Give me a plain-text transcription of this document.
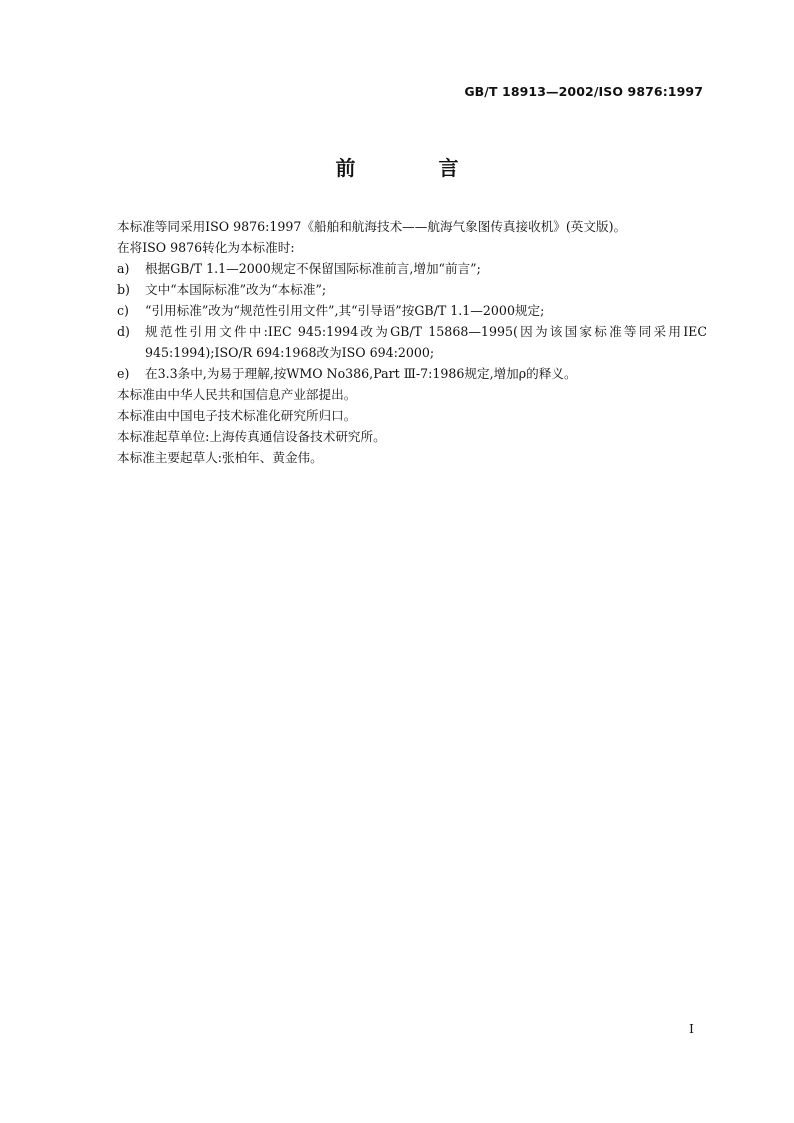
GB/T 18913—2002/ISO 9876:1997
前 言
本标准等同采用ISO 9876:1997《船舶和航海技术——航海气象图传真接收机》(英文版)。
在将ISO 9876转化为本标准时:
a)	根据GB/T 1.1—2000规定不保留国际标准前言,增加“前言”;
b)	文中“本国际标准”改为“本标准”;
c)	“引用标准”改为“规范性引用文件”,其“引导语”按GB/T 1.1—2000规定;
d)	规范性引用文件中:IEC 945:1994改为GB/T 15868—1995(因为该国家标准等同采用IEC 945:1994);ISO/R 694:1968改为ISO 694:2000;
e)	在3.3条中,为易于理解,按WMO No386,Part Ⅲ-7:1986规定,增加ρ的释义。
本标准由中华人民共和国信息产业部提出。
本标准由中国电子技术标准化研究所归口。
本标准起草单位:上海传真通信设备技术研究所。
本标准主要起草人:张柏年、黄金伟。
I
